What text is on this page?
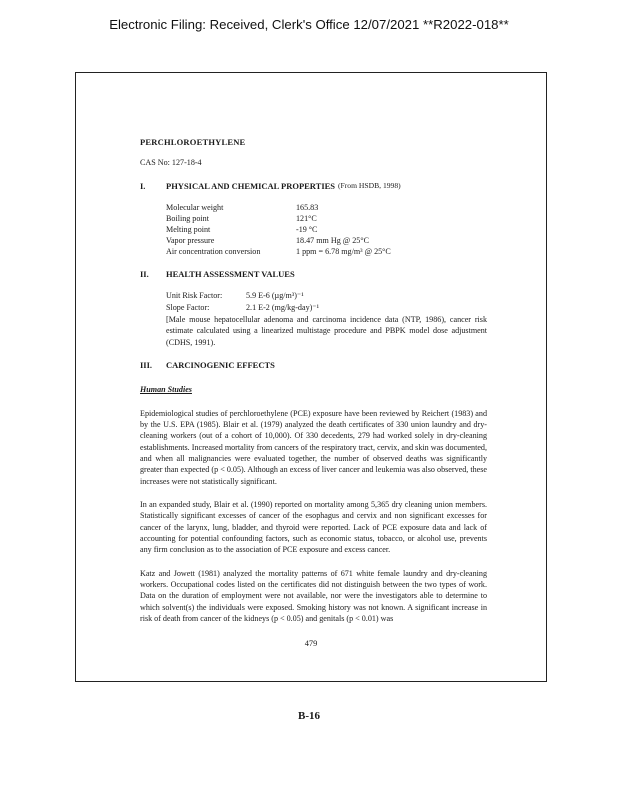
Electronic Filing: Received, Clerk's Office 12/07/2021 **R2022-018**
PERCHLOROETHYLENE
CAS No: 127-18-4
I.	PHYSICAL AND CHEMICAL PROPERTIES (From HSDB, 1998)
Molecular weight	165.83
Boiling point	121°C
Melting point	-19 °C
Vapor pressure	18.47 mm Hg @ 25°C
Air concentration conversion	1 ppm = 6.78 mg/m³ @ 25°C
II.	HEALTH ASSESSMENT VALUES
Unit Risk Factor:	5.9 E-6 (µg/m³)⁻¹
Slope Factor:	2.1 E-2 (mg/kg-day)⁻¹
[Male mouse hepatocellular adenoma and carcinoma incidence data (NTP, 1986), cancer risk estimate calculated using a linearized multistage procedure and PBPK model dose adjustment (CDHS, 1991).
III.	CARCINOGENIC EFFECTS
Human Studies
Epidemiological studies of perchloroethylene (PCE) exposure have been reviewed by Reichert (1983) and by the U.S. EPA (1985). Blair et al. (1979) analyzed the death certificates of 330 union laundry and dry-cleaning workers (out of a cohort of 10,000). Of 330 decedents, 279 had worked solely in dry-cleaning establishments. Increased mortality from cancers of the respiratory tract, cervix, and skin was documented, and when all malignancies were evaluated together, the number of observed deaths was significantly greater than expected (p < 0.05). Although an excess of liver cancer and leukemia was also observed, these increases were not statistically significant.
In an expanded study, Blair et al. (1990) reported on mortality among 5,365 dry cleaning union members. Statistically significant excesses of cancer of the esophagus and cervix and non significant excesses for cancer of the larynx, lung, bladder, and thyroid were reported. Lack of PCE exposure data and lack of accounting for potential confounding factors, such as economic status, tobacco, or alcohol use, prevents any firm conclusion as to the association of PCE exposure and excess cancer.
Katz and Jowett (1981) analyzed the mortality patterns of 671 white female laundry and dry-cleaning workers. Occupational codes listed on the certificates did not distinguish between the two types of work. Data on the duration of employment were not available, nor were the investigators able to determine to which solvent(s) the individuals were exposed. Smoking history was not known. A significant increase in risk of death from cancer of the kidneys (p < 0.05) and genitals (p < 0.01) was
479
B-16
